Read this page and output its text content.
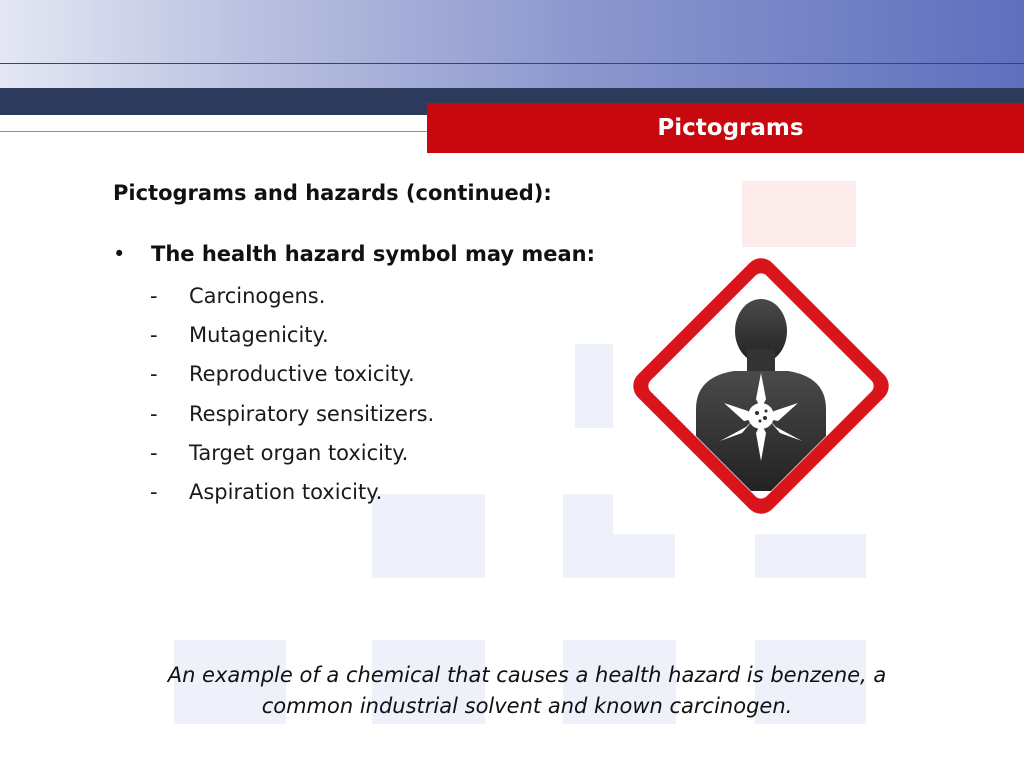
Pictograms
Pictograms and hazards (continued):
• The health hazard symbol may mean:
- Carcinogens.
- Mutagenicity.
- Reproductive toxicity.
- Respiratory sensitizers.
- Target organ toxicity.
- Aspiration toxicity.
An example of a chemical that causes a health hazard is benzene, a common industrial solvent and known carcinogen.
